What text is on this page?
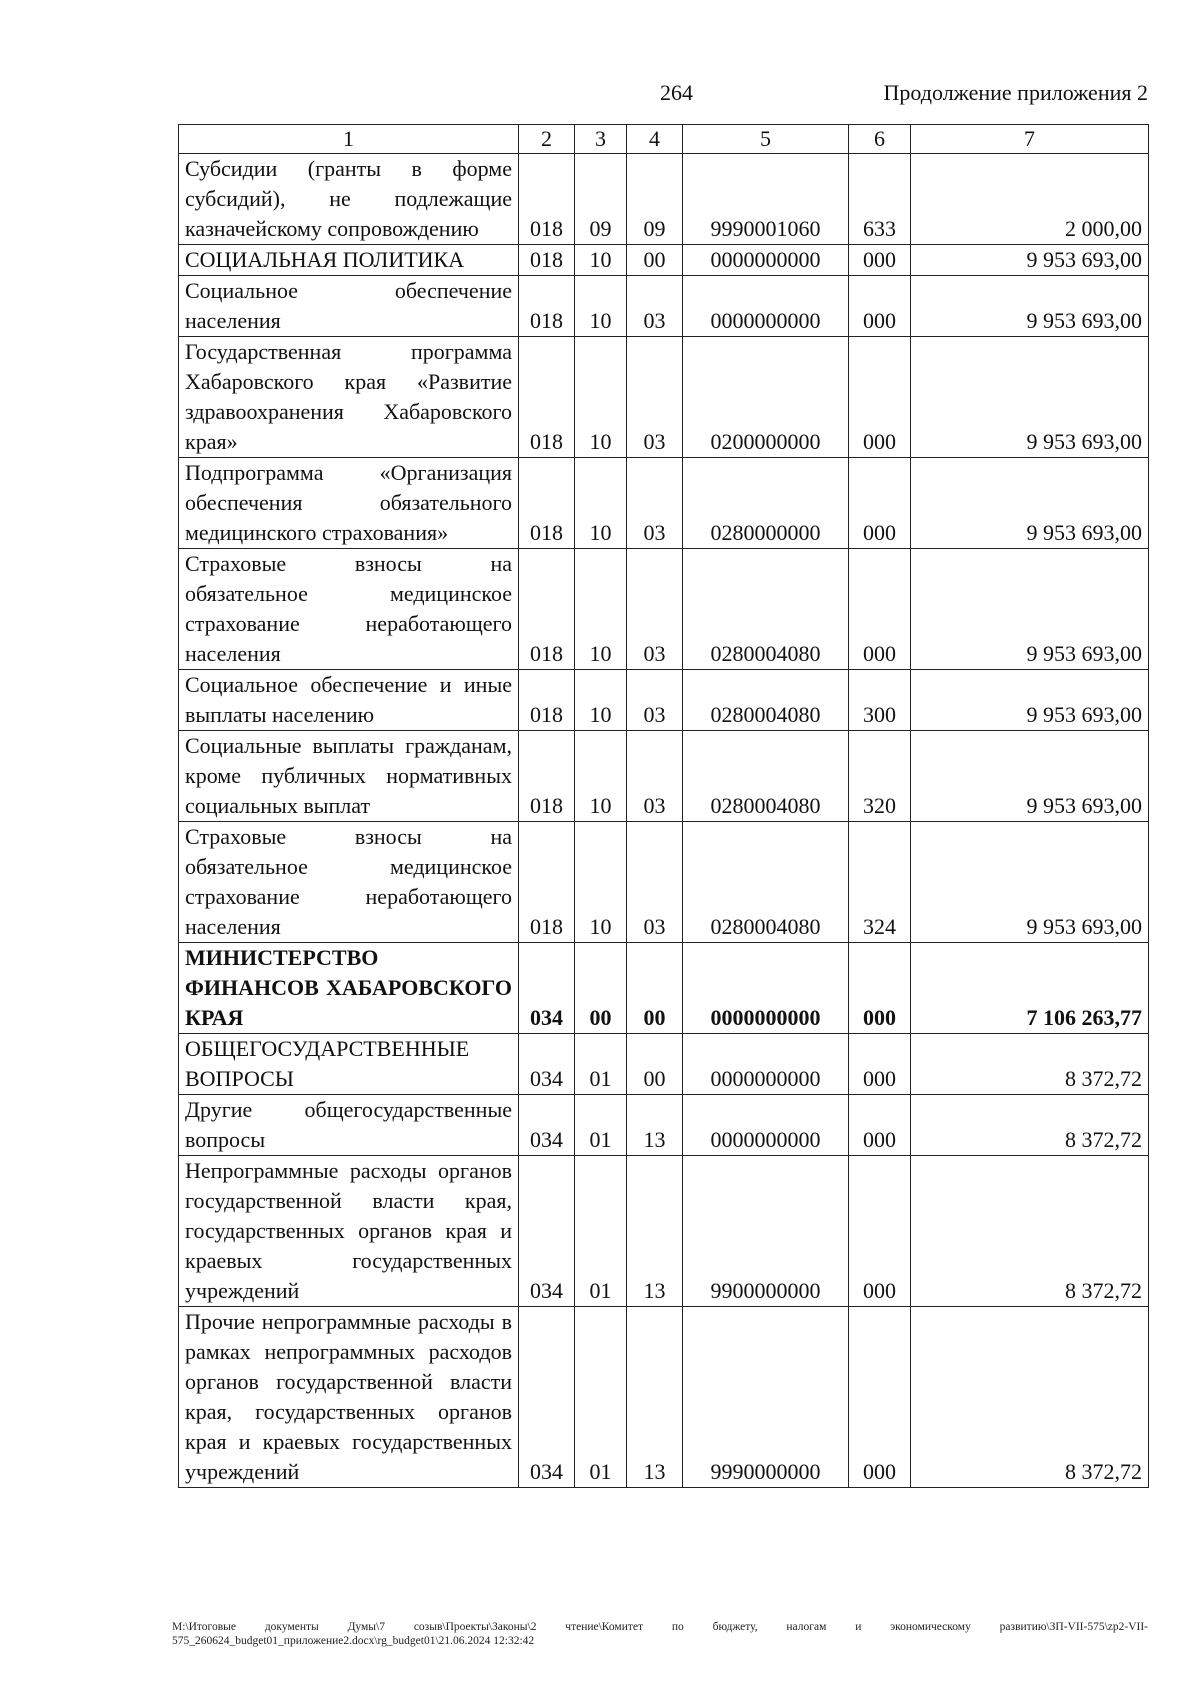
264	Продолжение приложения 2
1	2	3	4	5	6	7
Субсидии (гранты в форме субсидий), не подлежащие казначейскому сопровождению	018	09	09	9990001060	633	2 000,00
СОЦИАЛЬНАЯ ПОЛИТИКА	018	10	00	0000000000	000	9 953 693,00
Социальное обеспечение населения	018	10	03	0000000000	000	9 953 693,00
Государственная программа Хабаровского края «Развитие здравоохранения Хабаровского края»	018	10	03	0200000000	000	9 953 693,00
Подпрограмма «Организация обеспечения обязательного медицинского страхования»	018	10	03	0280000000	000	9 953 693,00
Страховые взносы на обязательное медицинское страхование неработающего населения	018	10	03	0280004080	000	9 953 693,00
Социальное обеспечение и иные выплаты населению	018	10	03	0280004080	300	9 953 693,00
Социальные выплаты гражданам, кроме публичных нормативных социальных выплат	018	10	03	0280004080	320	9 953 693,00
Страховые взносы на обязательное медицинское страхование неработающего населения	018	10	03	0280004080	324	9 953 693,00
МИНИСТЕРСТВО ФИНАНСОВ ХАБАРОВСКОГО КРАЯ	034	00	00	0000000000	000	7 106 263,77
ОБЩЕГОСУДАРСТВЕННЫЕ ВОПРОСЫ	034	01	00	0000000000	000	8 372,72
Другие общегосударственные вопросы	034	01	13	0000000000	000	8 372,72
Непрограммные расходы органов государственной власти края, государственных органов края и краевых государственных учреждений	034	01	13	9900000000	000	8 372,72
Прочие непрограммные расходы в рамках непрограммных расходов органов государственной власти края, государственных органов края и краевых государственных учреждений	034	01	13	9990000000	000	8 372,72
M:\Итоговые документы Думы\7 созыв\Проекты\Законы\2 чтение\Комитет по бюджету, налогам и экономическому развитию\ЗП-VII-575\zp2-VII-575_260624_budget01_приложение2.docx\rg_budget01\21.06.2024 12:32:42
